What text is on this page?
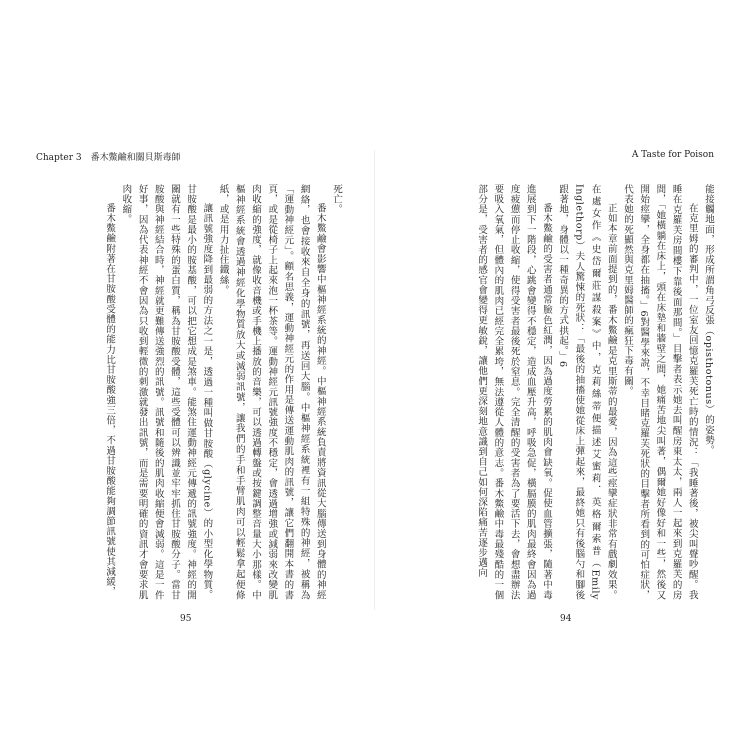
Chapter 3　番木鱉鹼和關貝斯毒師

死亡。

番木鱉鹼會影響中樞神經系統的神經。中樞神經系統負責將資訊從大腦傳送到身體的神經網絡，也會接收來自全身的訊號，再送回大腦。中樞神經系統裡有一組特殊的神經，被稱為「運動神經元」。顧名思義，運動神經元的作用是傳送運動肌肉的訊號，讓它們翻開本書的書頁，或是從椅子上起來泡一杯茶等。運動神經元訊號強度不穩定，會透過增強或減弱來改變肌肉收縮的強度，就像收音機或手機上播放的音樂，可以透過轉盤或按鍵調整音量大小那樣。中樞神經系統會透過神經化學物質放大或減弱訊號，讓我們的手和手臂肌肉可以輕鬆拿起便條紙，或是用力扯住鐵絲。

讓訊號強度降到最弱的方法之一是，透過一種叫做甘胺酸（glycine）的小型化學物質。甘胺酸是最小的胺基酸，可以把它想成是煞車。能煞住運動神經元傳遞的訊號強度。神經的開關就有一些特殊的蛋白質，稱為甘胺酸受體，這些受體可以辨識並牢牢抓住甘胺酸分子。當甘胺酸與神經結合時，神經就更難傳送強烈的訊號。訊號和隨後的肌肉收縮便會減弱。這是一件好事，因為代表神經不會因為只收到輕微的刺激就發出訊號，而是需要明確的資訊才會要求肌肉收縮。

番木鱉鹼附著在甘胺酸受體的能力比甘胺酸強三倍，不過甘胺酸能夠調節訊號使其減緩，

95
A Taste for Poison

能接觸地面，形成所謂角弓反張（opisthotonus）的姿勢。

在克里姆的審判中，一位室友回憶克羅芙死亡時的情況：「我睡著後，被尖叫聲吵醒。我睡在克羅芙房間樓下靠後面那間。」目擊者表示她去叫醒房東太太，兩人一起來到克羅芙的房間，「她橫躺在床上，頭在床墊和牆壁之間，她痛苦地尖叫著，偶爾她好像好和一些，然後又開始痙攣，全身都在抽搐。」6對醫學來說，不幸目睹克羅芙死狀的目擊者所看到的可怕症狀，代表她的死顯然與克里姆醫師的瘋狂下毒有關。

正如本章前面提到的，番木鱉鹼是克里斯蒂的最愛，因為這些痙攣症狀非常有戲劇效果。在處女作《史岱爾莊謀殺案》中，克莉絲蒂便描述艾蜜莉．英格爾索普（Emily Inglethorp）夫人驚悚的死狀：「最後的抽搐使她從床上彈起來，最終她只有後腦勺和腳後跟著地，身體以一種奇異的方式拱起。」6

番木鱉鹼的受害者通常臉色紅潤，因為過度勞累的肌肉會缺氧。促使血管擴張，隨著中毒進展到下一階段，心跳會變得不穩定，造成血壓升高，呼吸急促，橫膈膜的肌肉最終會因為過度疲憊而停止收縮，使得受害者最後死於窒息。完全清醒的受害者為了要活下去，會想盡辦法要吸入氧氣，但體內的肌肉已經完全累垮，無法遵從人體的意志。番木鱉鹼中毒最殘酷的一個部分是，受害者的感官會變得更敏銳，讓他們更深刻地意識到自己如何深陷痛苦逐步邁向

94
